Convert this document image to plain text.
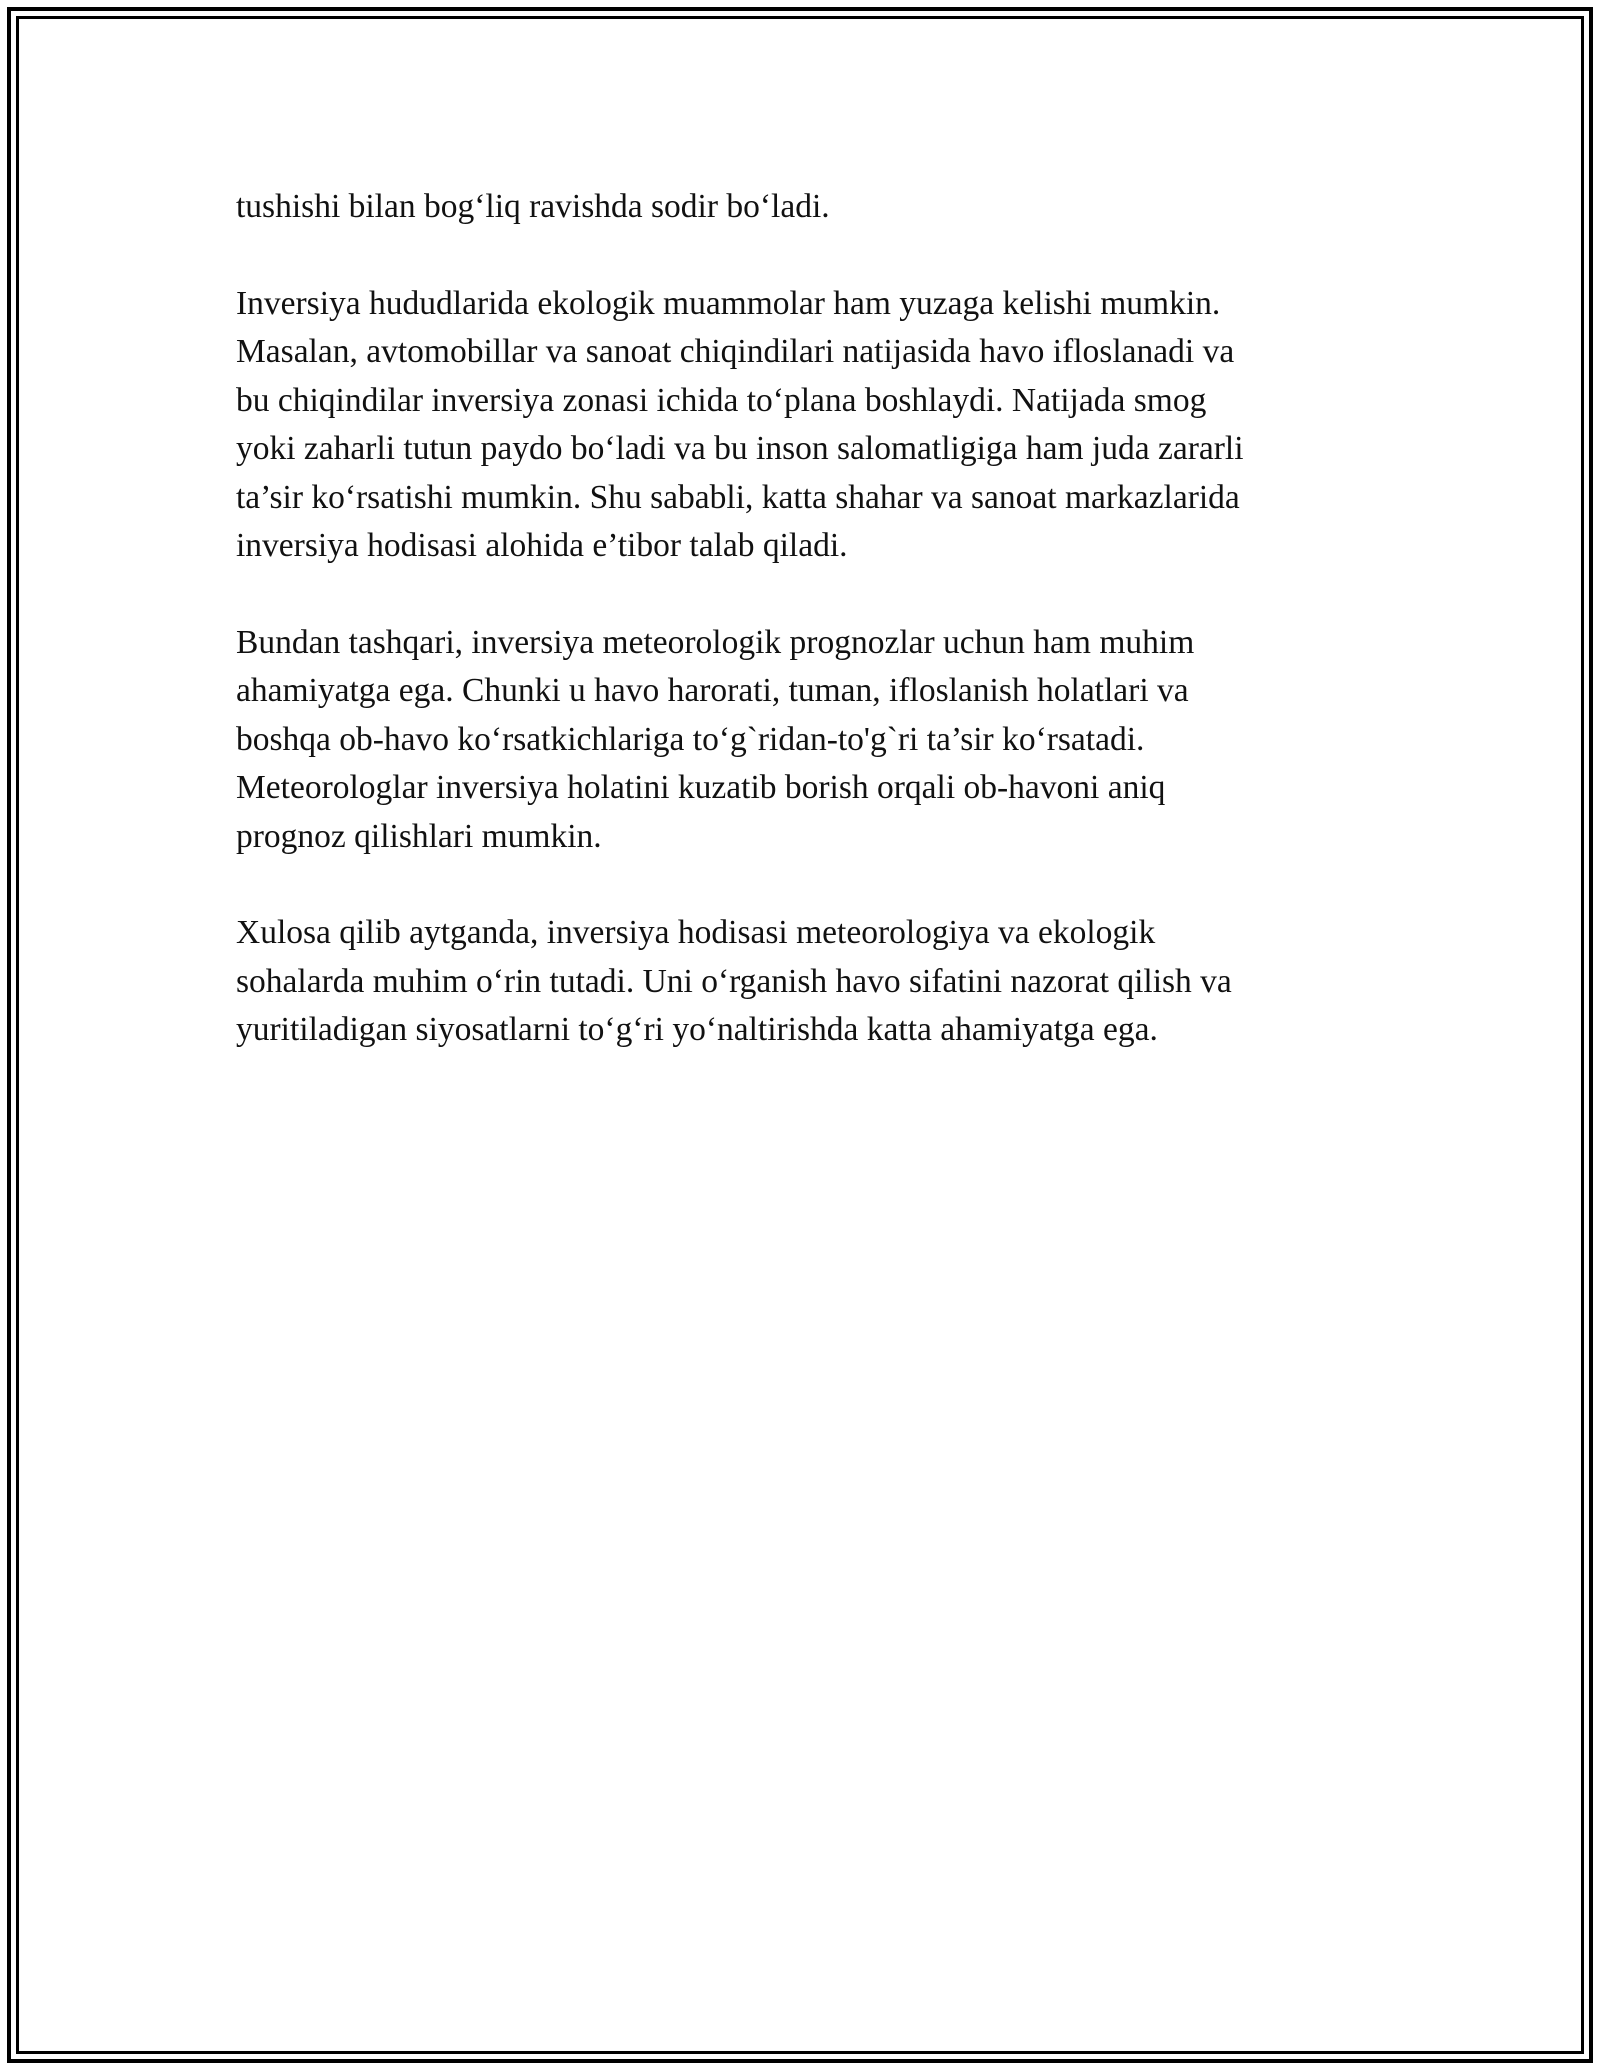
tushishi bilan bog‘liq ravishda sodir bo‘ladi.

Inversiya hududlarida ekologik muammolar ham yuzaga kelishi mumkin.
Masalan, avtomobillar va sanoat chiqindilari natijasida havo ifloslanadi va
bu chiqindilar inversiya zonasi ichida to‘plana boshlaydi. Natijada smog
yoki zaharli tutun paydo bo‘ladi va bu inson salomatligiga ham juda zararli
ta’sir ko‘rsatishi mumkin. Shu sababli, katta shahar va sanoat markazlarida
inversiya hodisasi alohida e’tibor talab qiladi.

Bundan tashqari, inversiya meteorologik prognozlar uchun ham muhim
ahamiyatga ega. Chunki u havo harorati, tuman, ifloslanish holatlari va
boshqa ob-havo ko‘rsatkichlariga to‘g`ridan-to'g`ri ta’sir ko‘rsatadi.
Meteorologlar inversiya holatini kuzatib borish orqali ob-havoni aniq
prognoz qilishlari mumkin.

Xulosa qilib aytganda, inversiya hodisasi meteorologiya va ekologik
sohalarda muhim o‘rin tutadi. Uni o‘rganish havo sifatini nazorat qilish va
yuritiladigan siyosatlarni to‘g‘ri yo‘naltirishda katta ahamiyatga ega.
